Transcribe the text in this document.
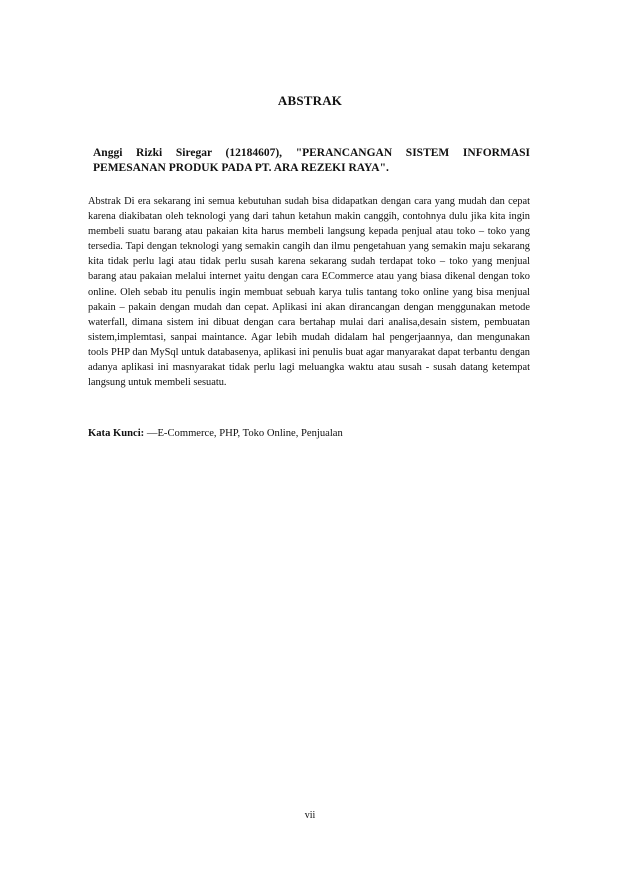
ABSTRAK
Anggi Rizki Siregar (12184607), "PERANCANGAN SISTEM INFORMASI
PEMESANAN PRODUK PADA PT. ARA REZEKI RAYA".
Abstrak Di era sekarang ini semua kebutuhan sudah bisa didapatkan dengan cara yang mudah dan cepat karena diakibatan oleh teknologi yang dari tahun ketahun makin canggih, contohnya dulu jika kita ingin membeli suatu barang atau pakaian kita harus membeli langsung kepada penjual atau toko – toko yang tersedia. Tapi dengan teknologi yang semakin cangih dan ilmu pengetahuan yang semakin maju sekarang kita tidak perlu lagi atau tidak perlu susah karena sekarang sudah terdapat toko – toko yang menjual barang atau pakaian melalui internet yaitu dengan cara ECommerce atau yang biasa dikenal dengan toko online. Oleh sebab itu penulis ingin membuat sebuah karya tulis tantang toko online yang bisa menjual pakain – pakain dengan mudah dan cepat. Aplikasi ini akan dirancangan dengan menggunakan metode waterfall, dimana sistem ini dibuat dengan cara bertahap mulai dari analisa,desain sistem, pembuatan sistem,implemtasi, sanpai maintance. Agar lebih mudah didalam hal pengerjaannya, dan mengunakan tools PHP dan MySql untuk databasenya, aplikasi ini penulis buat agar manyarakat dapat terbantu dengan adanya aplikasi ini masnyarakat tidak perlu lagi meluangka waktu atau susah - susah datang ketempat langsung untuk membeli sesuatu.
Kata Kunci: —E-Commerce, PHP, Toko Online, Penjualan
vii
